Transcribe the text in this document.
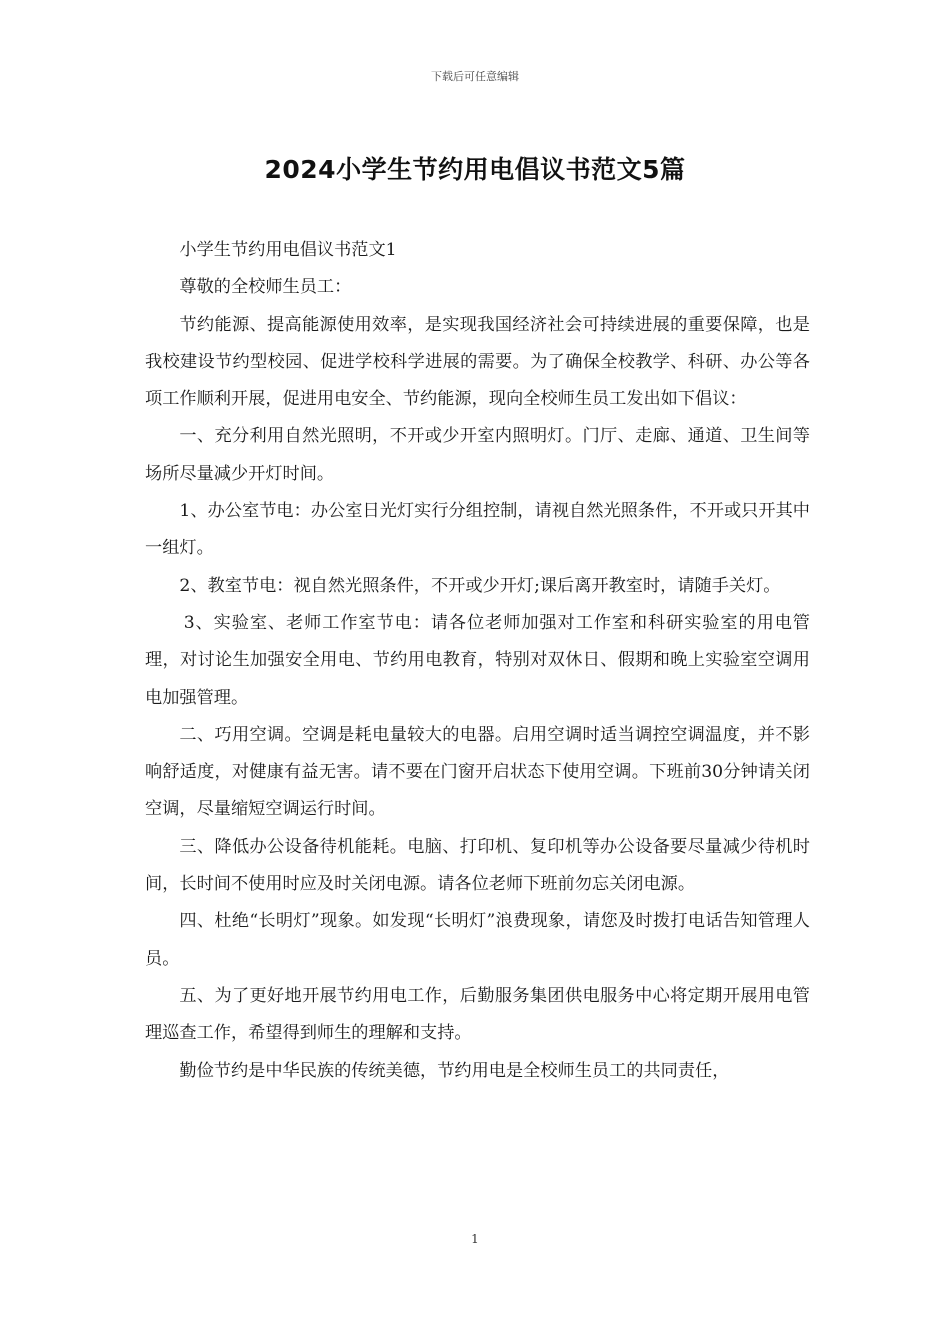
下载后可任意编辑
2024小学生节约用电倡议书范文5篇

小学生节约用电倡议书范文1

尊敬的全校师生员工：

节约能源、提高能源使用效率，是实现我国经济社会可持续进展的重要保障，也是我校建设节约型校园、促进学校科学进展的需要。为了确保全校教学、科研、办公等各项工作顺利开展，促进用电安全、节约能源，现向全校师生员工发出如下倡议：

一、充分利用自然光照明，不开或少开室内照明灯。门厅、走廊、通道、卫生间等场所尽量减少开灯时间。

1、办公室节电：办公室日光灯实行分组控制，请视自然光照条件，不开或只开其中一组灯。

2、教室节电：视自然光照条件，不开或少开灯;课后离开教室时，请随手关灯。

3、实验室、老师工作室节电：请各位老师加强对工作室和科研实验室的用电管理，对讨论生加强安全用电、节约用电教育，特别对双休日、假期和晚上实验室空调用电加强管理。

二、巧用空调。空调是耗电量较大的电器。启用空调时适当调控空调温度，并不影响舒适度，对健康有益无害。请不要在门窗开启状态下使用空调。下班前30分钟请关闭空调，尽量缩短空调运行时间。

三、降低办公设备待机能耗。电脑、打印机、复印机等办公设备要尽量减少待机时间，长时间不使用时应及时关闭电源。请各位老师下班前勿忘关闭电源。

四、杜绝“长明灯”现象。如发现“长明灯”浪费现象，请您及时拨打电话告知管理人员。

五、为了更好地开展节约用电工作，后勤服务集团供电服务中心将定期开展用电管理巡查工作，希望得到师生的理解和支持。

勤俭节约是中华民族的传统美德，节约用电是全校师生员工的共同责任，

1
